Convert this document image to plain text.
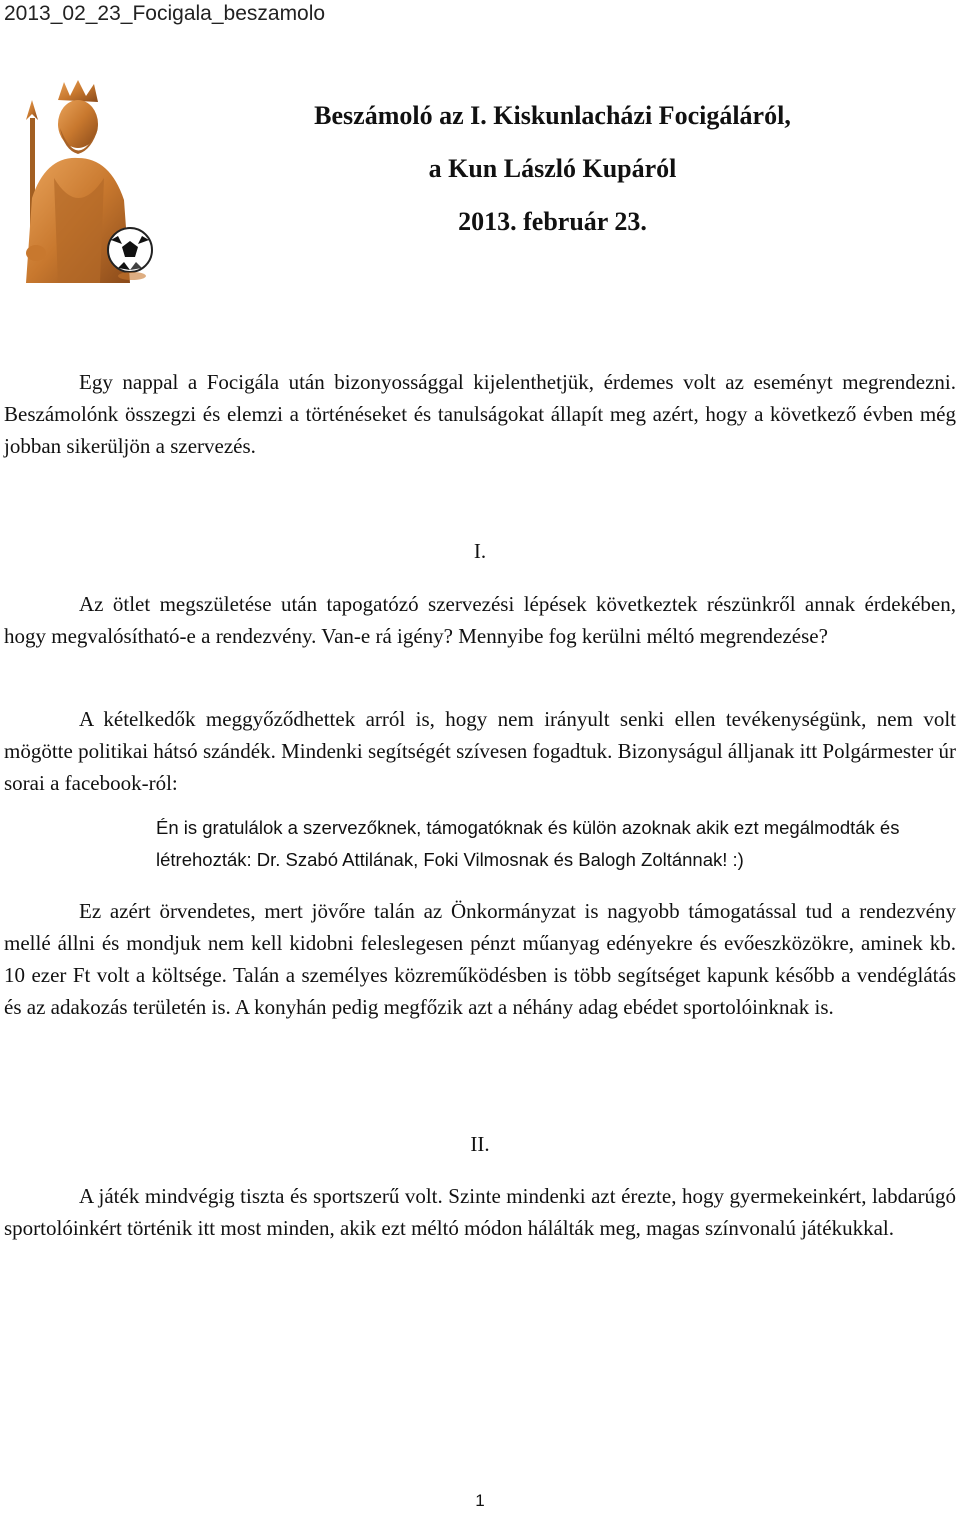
2013_02_23_Focigala_beszamolo
Beszámoló az I. Kiskunlacházi Focigáláról,
a Kun László Kupáról
2013. február 23.

Egy nappal a Focigála után bizonyossággal kijelenthetjük, érdemes volt az eseményt megrendezni. Beszámolónk összegzi és elemzi a történéseket és tanulságokat állapít meg azért, hogy a következő évben még jobban sikerüljön a szervezés.

I.

Az ötlet megszületése után tapogatózó szervezési lépések következtek részünkről annak érdekében, hogy megvalósítható-e a rendezvény. Van-e rá igény? Mennyibe fog kerülni méltó megrendezése?

A kételkedők meggyőződhettek arról is, hogy nem irányult senki ellen tevékenységünk, nem volt mögötte politikai hátsó szándék. Mindenki segítségét szívesen fogadtuk. Bizonyságul álljanak itt Polgármester úr sorai a facebook-ról:

Én is gratulálok a szervezőknek, támogatóknak és külön azoknak akik ezt megálmodták és létrehozták: Dr. Szabó Attilának, Foki Vilmosnak és Balogh Zoltánnak! :)

Ez azért örvendetes, mert jövőre talán az Önkormányzat is nagyobb támogatással tud a rendezvény mellé állni és mondjuk nem kell kidobni feleslegesen pénzt műanyag edényekre és evőeszközökre, aminek kb. 10 ezer Ft volt a költsége. Talán a személyes közreműködésben is több segítséget kapunk később a vendéglátás és az adakozás területén is. A konyhán pedig megfőzik azt a néhány adag ebédet sportolóinknak is.

II.

A játék mindvégig tiszta és sportszerű volt. Szinte mindenki azt érezte, hogy gyermekeinkért, labdarúgó sportolóinkért történik itt most minden, akik ezt méltó módon hálálták meg, magas színvonalú játékukkal.

1
